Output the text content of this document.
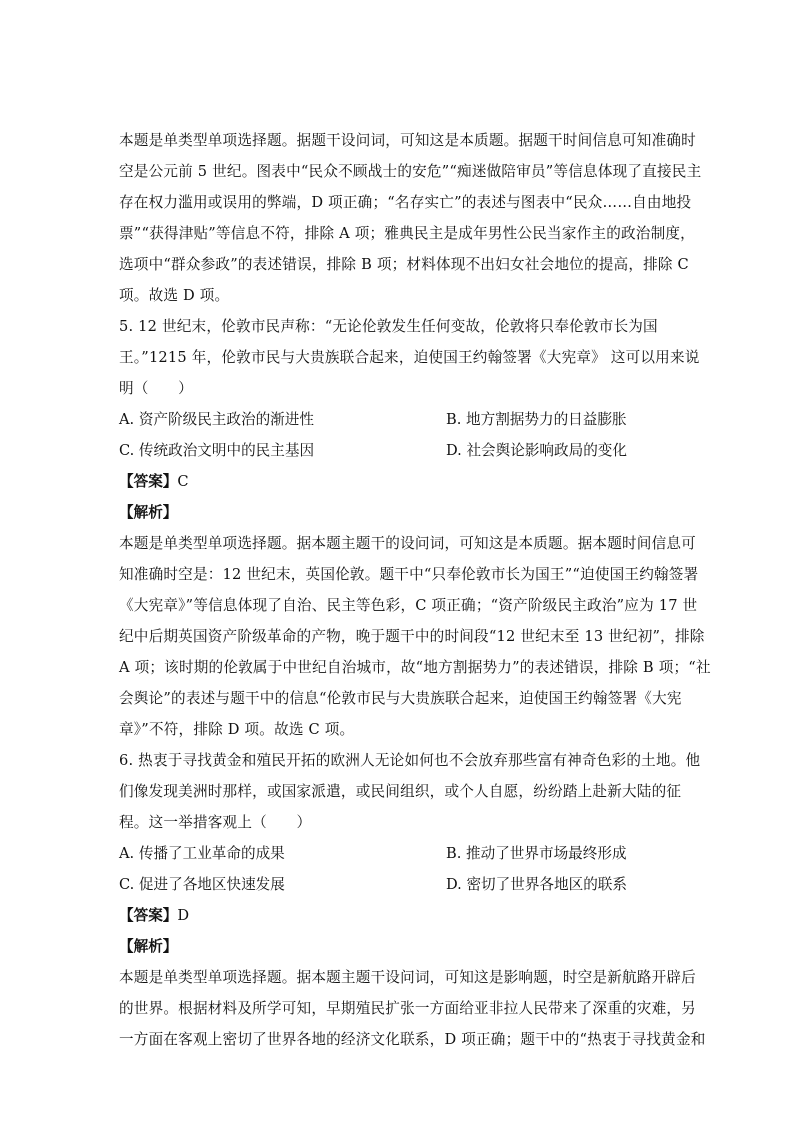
本题是单类型单项选择题。据题干设问词，可知这是本质题。据题干时间信息可知准确时
空是公元前 5 世纪。图表中“民众不顾战士的安危”“痴迷做陪审员”等信息体现了直接民主
存在权力滥用或误用的弊端，D 项正确；“名存实亡”的表述与图表中“民众……自由地投
票”“获得津贴”等信息不符，排除 A 项；雅典民主是成年男性公民当家作主的政治制度，
选项中“群众参政”的表述错误，排除 B 项；材料体现不出妇女社会地位的提高，排除 C
项。故选 D 项。
5. 12 世纪末，伦敦市民声称：“无论伦敦发生任何变故，伦敦将只奉伦敦市长为国
王。”1215 年，伦敦市民与大贵族联合起来，迫使国王约翰签署《大宪章》 这可以用来说
明（　　）
A. 资产阶级民主政治的渐进性	B. 地方割据势力的日益膨胀
C. 传统政治文明中的民主基因	D. 社会舆论影响政局的变化
【答案】C
【解析】
本题是单类型单项选择题。据本题主题干的设问词，可知这是本质题。据本题时间信息可
知准确时空是：12 世纪末，英国伦敦。题干中“只奉伦敦市长为国王”“迫使国王约翰签署
《大宪章》”等信息体现了自治、民主等色彩，C 项正确；“资产阶级民主政治”应为 17 世
纪中后期英国资产阶级革命的产物，晚于题干中的时间段“12 世纪末至 13 世纪初”，排除
A 项；该时期的伦敦属于中世纪自治城市，故“地方割据势力”的表述错误，排除 B 项；“社
会舆论”的表述与题干中的信息“伦敦市民与大贵族联合起来，迫使国王约翰签署《大宪
章》”不符，排除 D 项。故选 C 项。
6. 热衷于寻找黄金和殖民开拓的欧洲人无论如何也不会放弃那些富有神奇色彩的土地。他
们像发现美洲时那样，或国家派遣，或民间组织，或个人自愿，纷纷踏上赴新大陆的征
程。这一举措客观上（　　）
A. 传播了工业革命的成果	B. 推动了世界市场最终形成
C. 促进了各地区快速发展	D. 密切了世界各地区的联系
【答案】D
【解析】
本题是单类型单项选择题。据本题主题干设问词，可知这是影响题，时空是新航路开辟后
的世界。根据材料及所学可知，早期殖民扩张一方面给亚非拉人民带来了深重的灾难，另
一方面在客观上密切了世界各地的经济文化联系，D 项正确；题干中的“热衷于寻找黄金和
